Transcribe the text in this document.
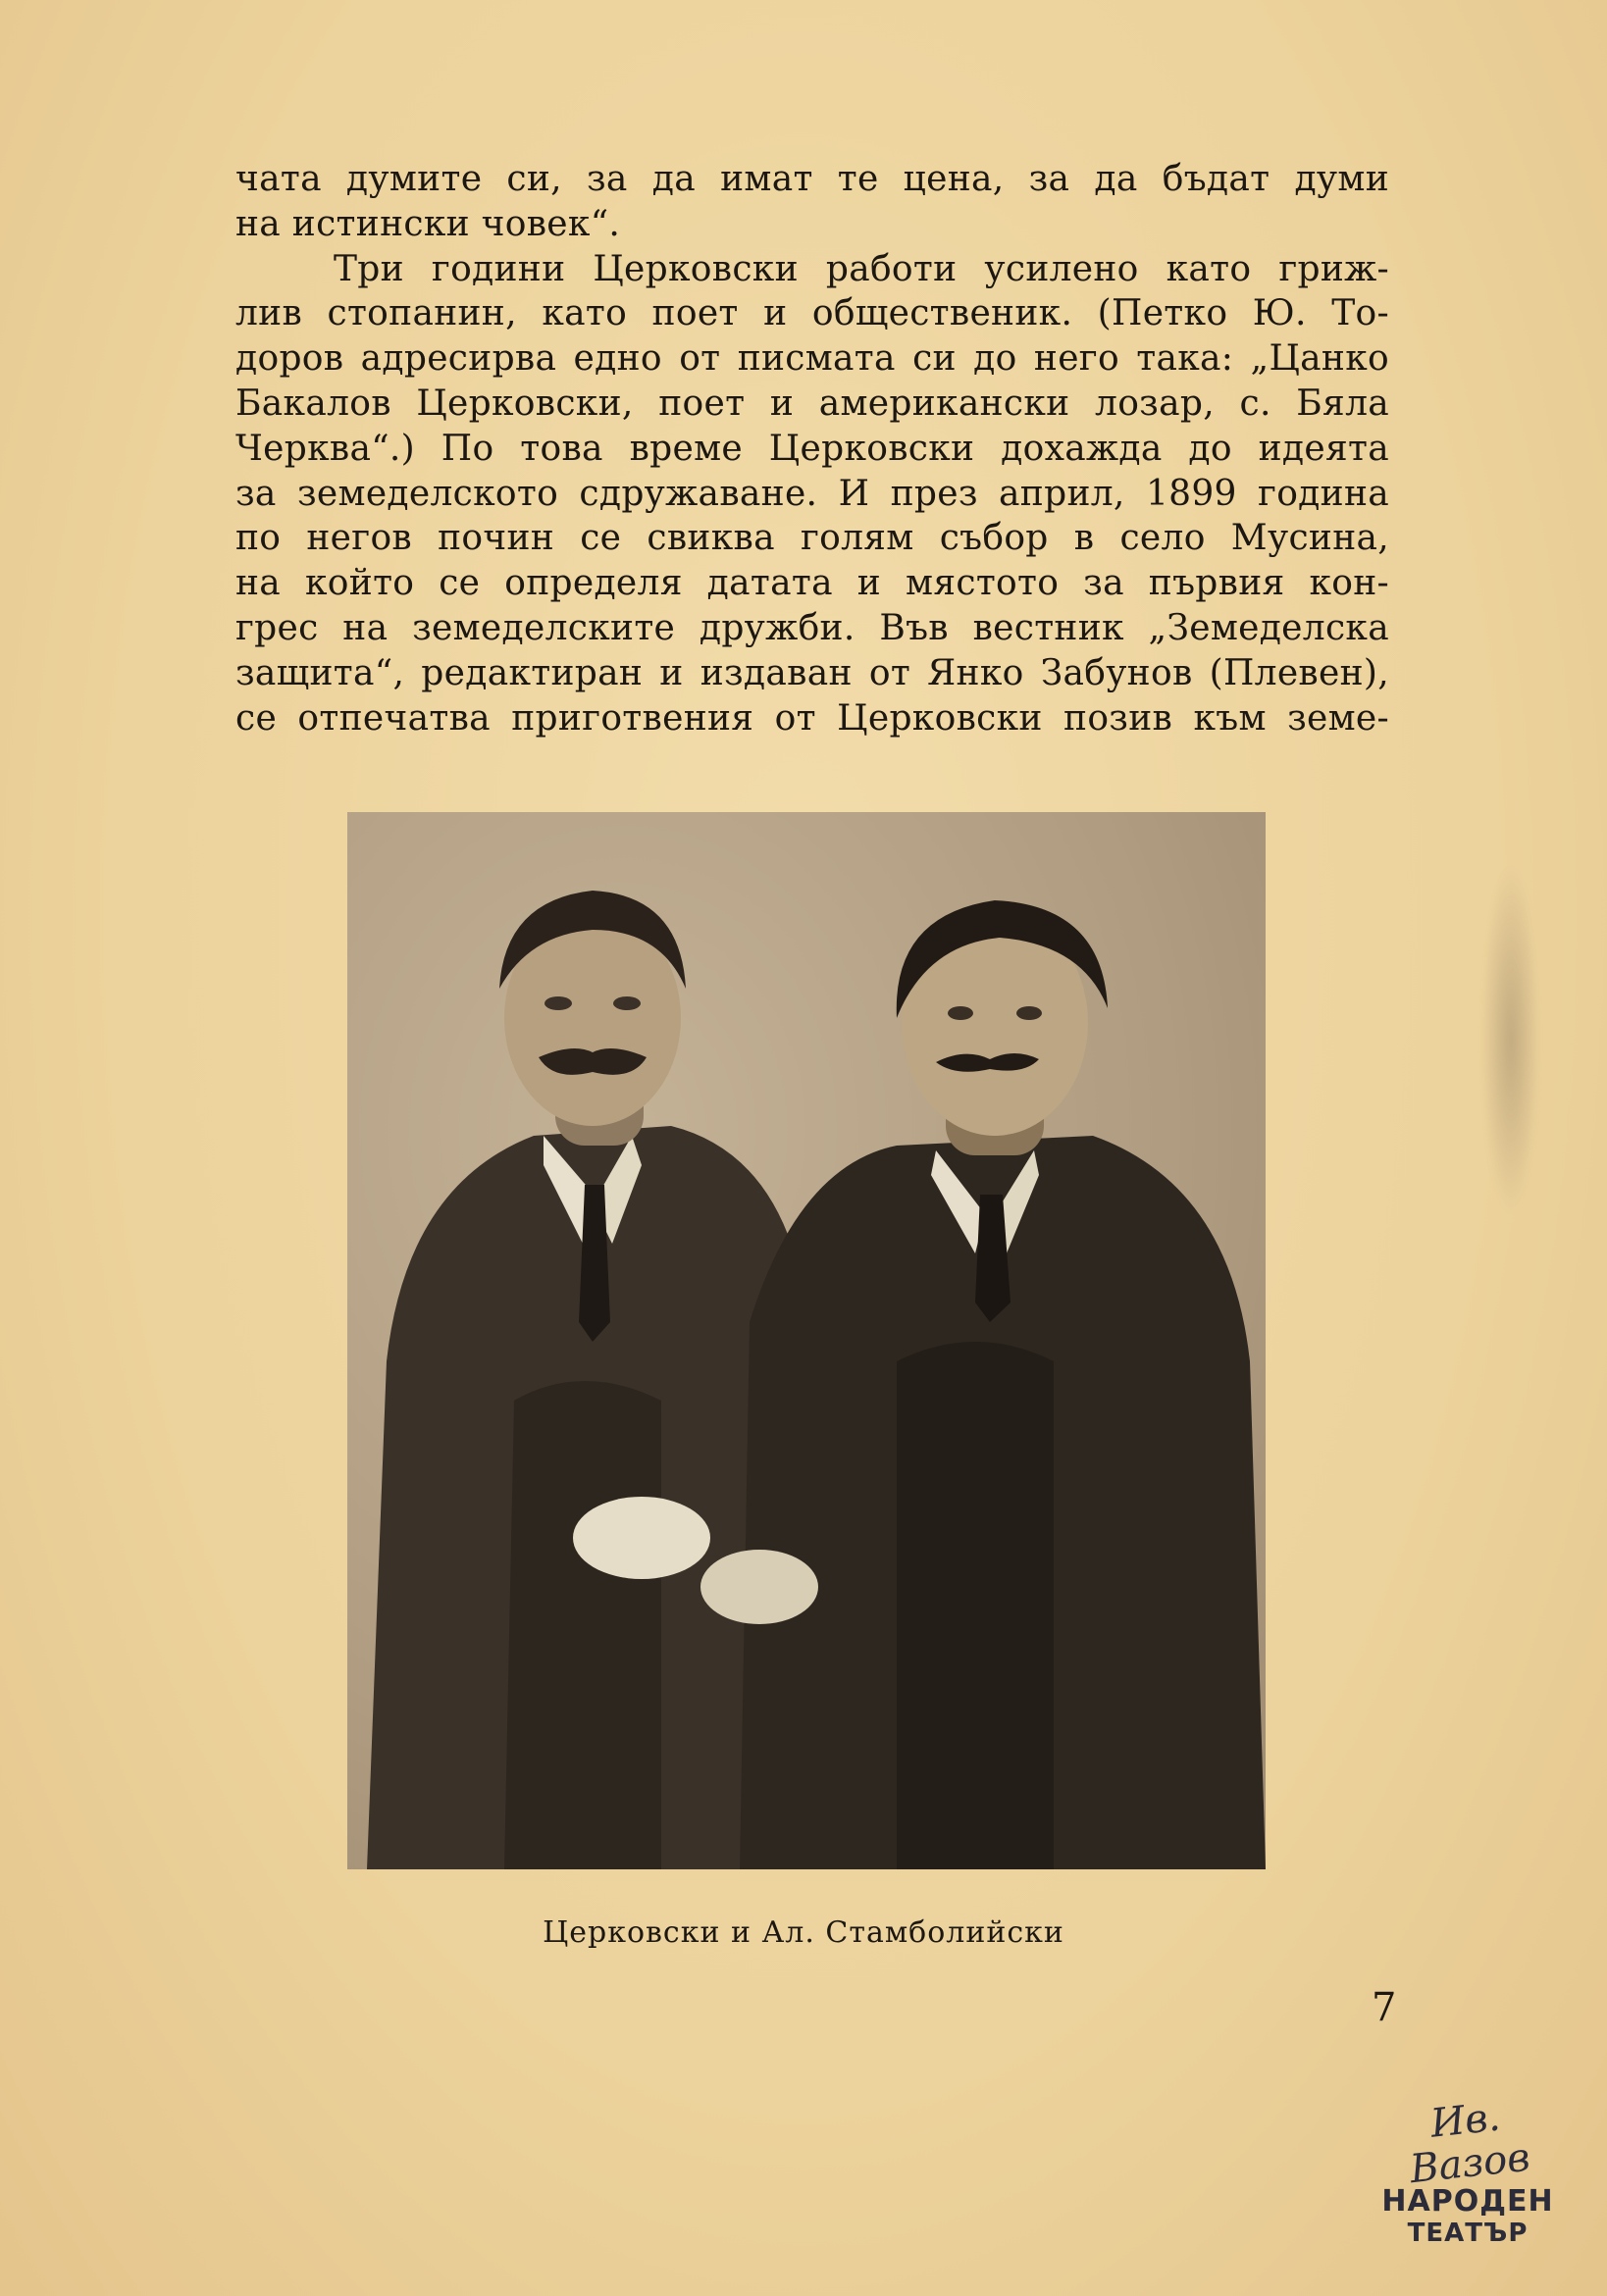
чата думите си, за да имат те цена, за да бъдат думи
на истински човек“.
Три години Церковски работи усилено като гриж-
лив стопанин, като поет и общественик. (Петко Ю. То-
доров адресирва едно от писмата си до него така: „Цанко
Бакалов Церковски, поет и американски лозар, с. Бяла
Черква“.) По това време Церковски дохажда до идеята
за земеделското сдружаване. И през април, 1899 година
по негов почин се свиква голям събор в село Мусина,
на който се определя датата и мястото за първия кон-
грес на земеделските дружби. Във вестник „Земеделска
защита“, редактиран и издаван от Янко Забунов (Плевен),
се отпечатва приготвения от Церковски позив към земе-
Церковски и Ал. Стамболийски
7
Ив. Вазов
НАРОДЕН
ТЕАТЪР
